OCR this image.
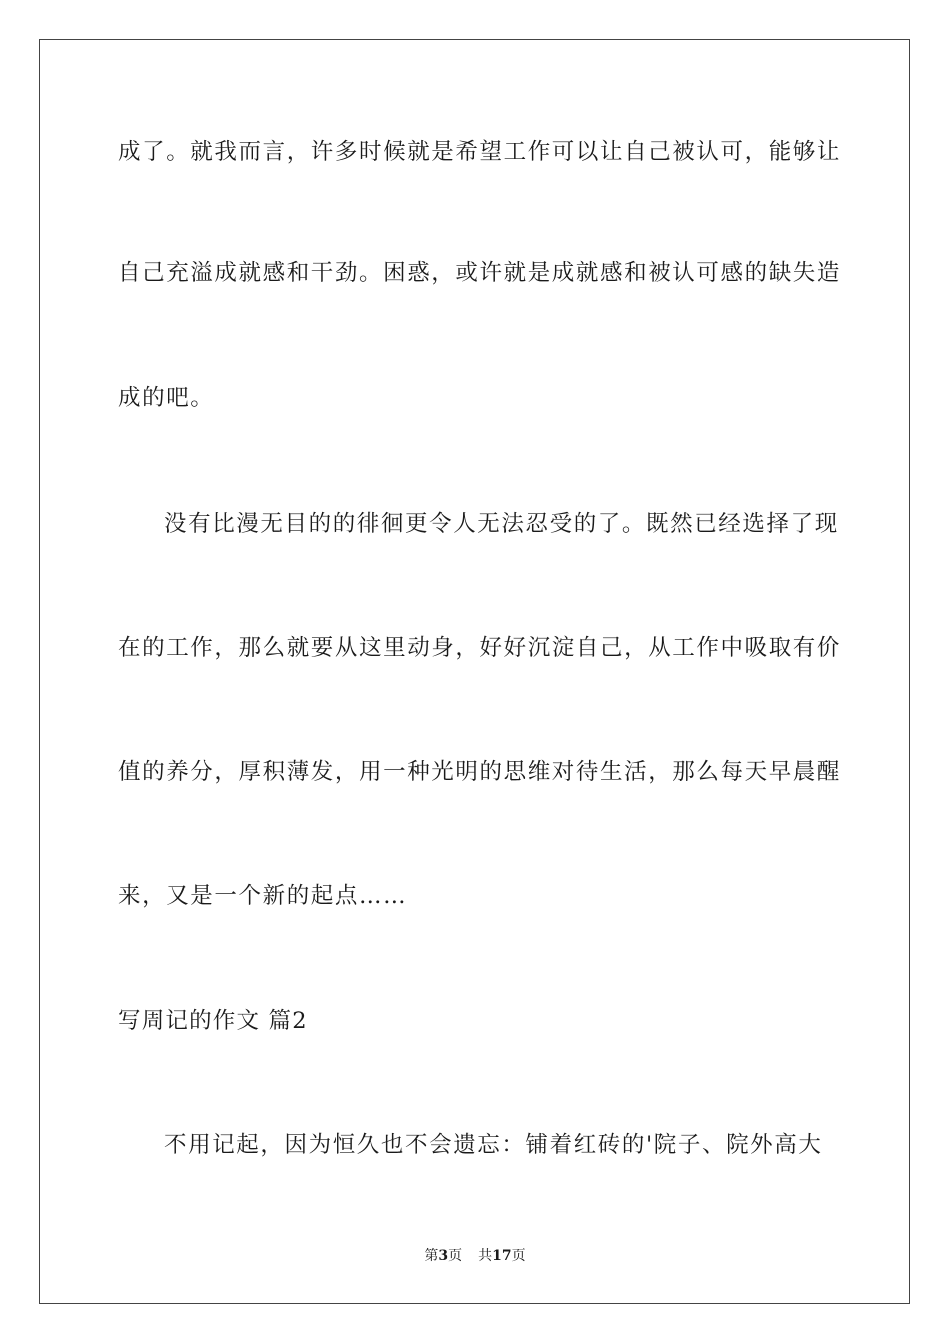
成了。就我而言，许多时候就是希望工作可以让自己被认可，能够让
自己充溢成就感和干劲。困惑，或许就是成就感和被认可感的缺失造
成的吧。
没有比漫无目的的徘徊更令人无法忍受的了。既然已经选择了现
在的工作，那么就要从这里动身，好好沉淀自己，从工作中吸取有价
值的养分，厚积薄发，用一种光明的思维对待生活，那么每天早晨醒
来，又是一个新的起点……
写周记的作文 篇2
不用记起，因为恒久也不会遗忘：铺着红砖的'院子、院外高大
第3页 共17页
